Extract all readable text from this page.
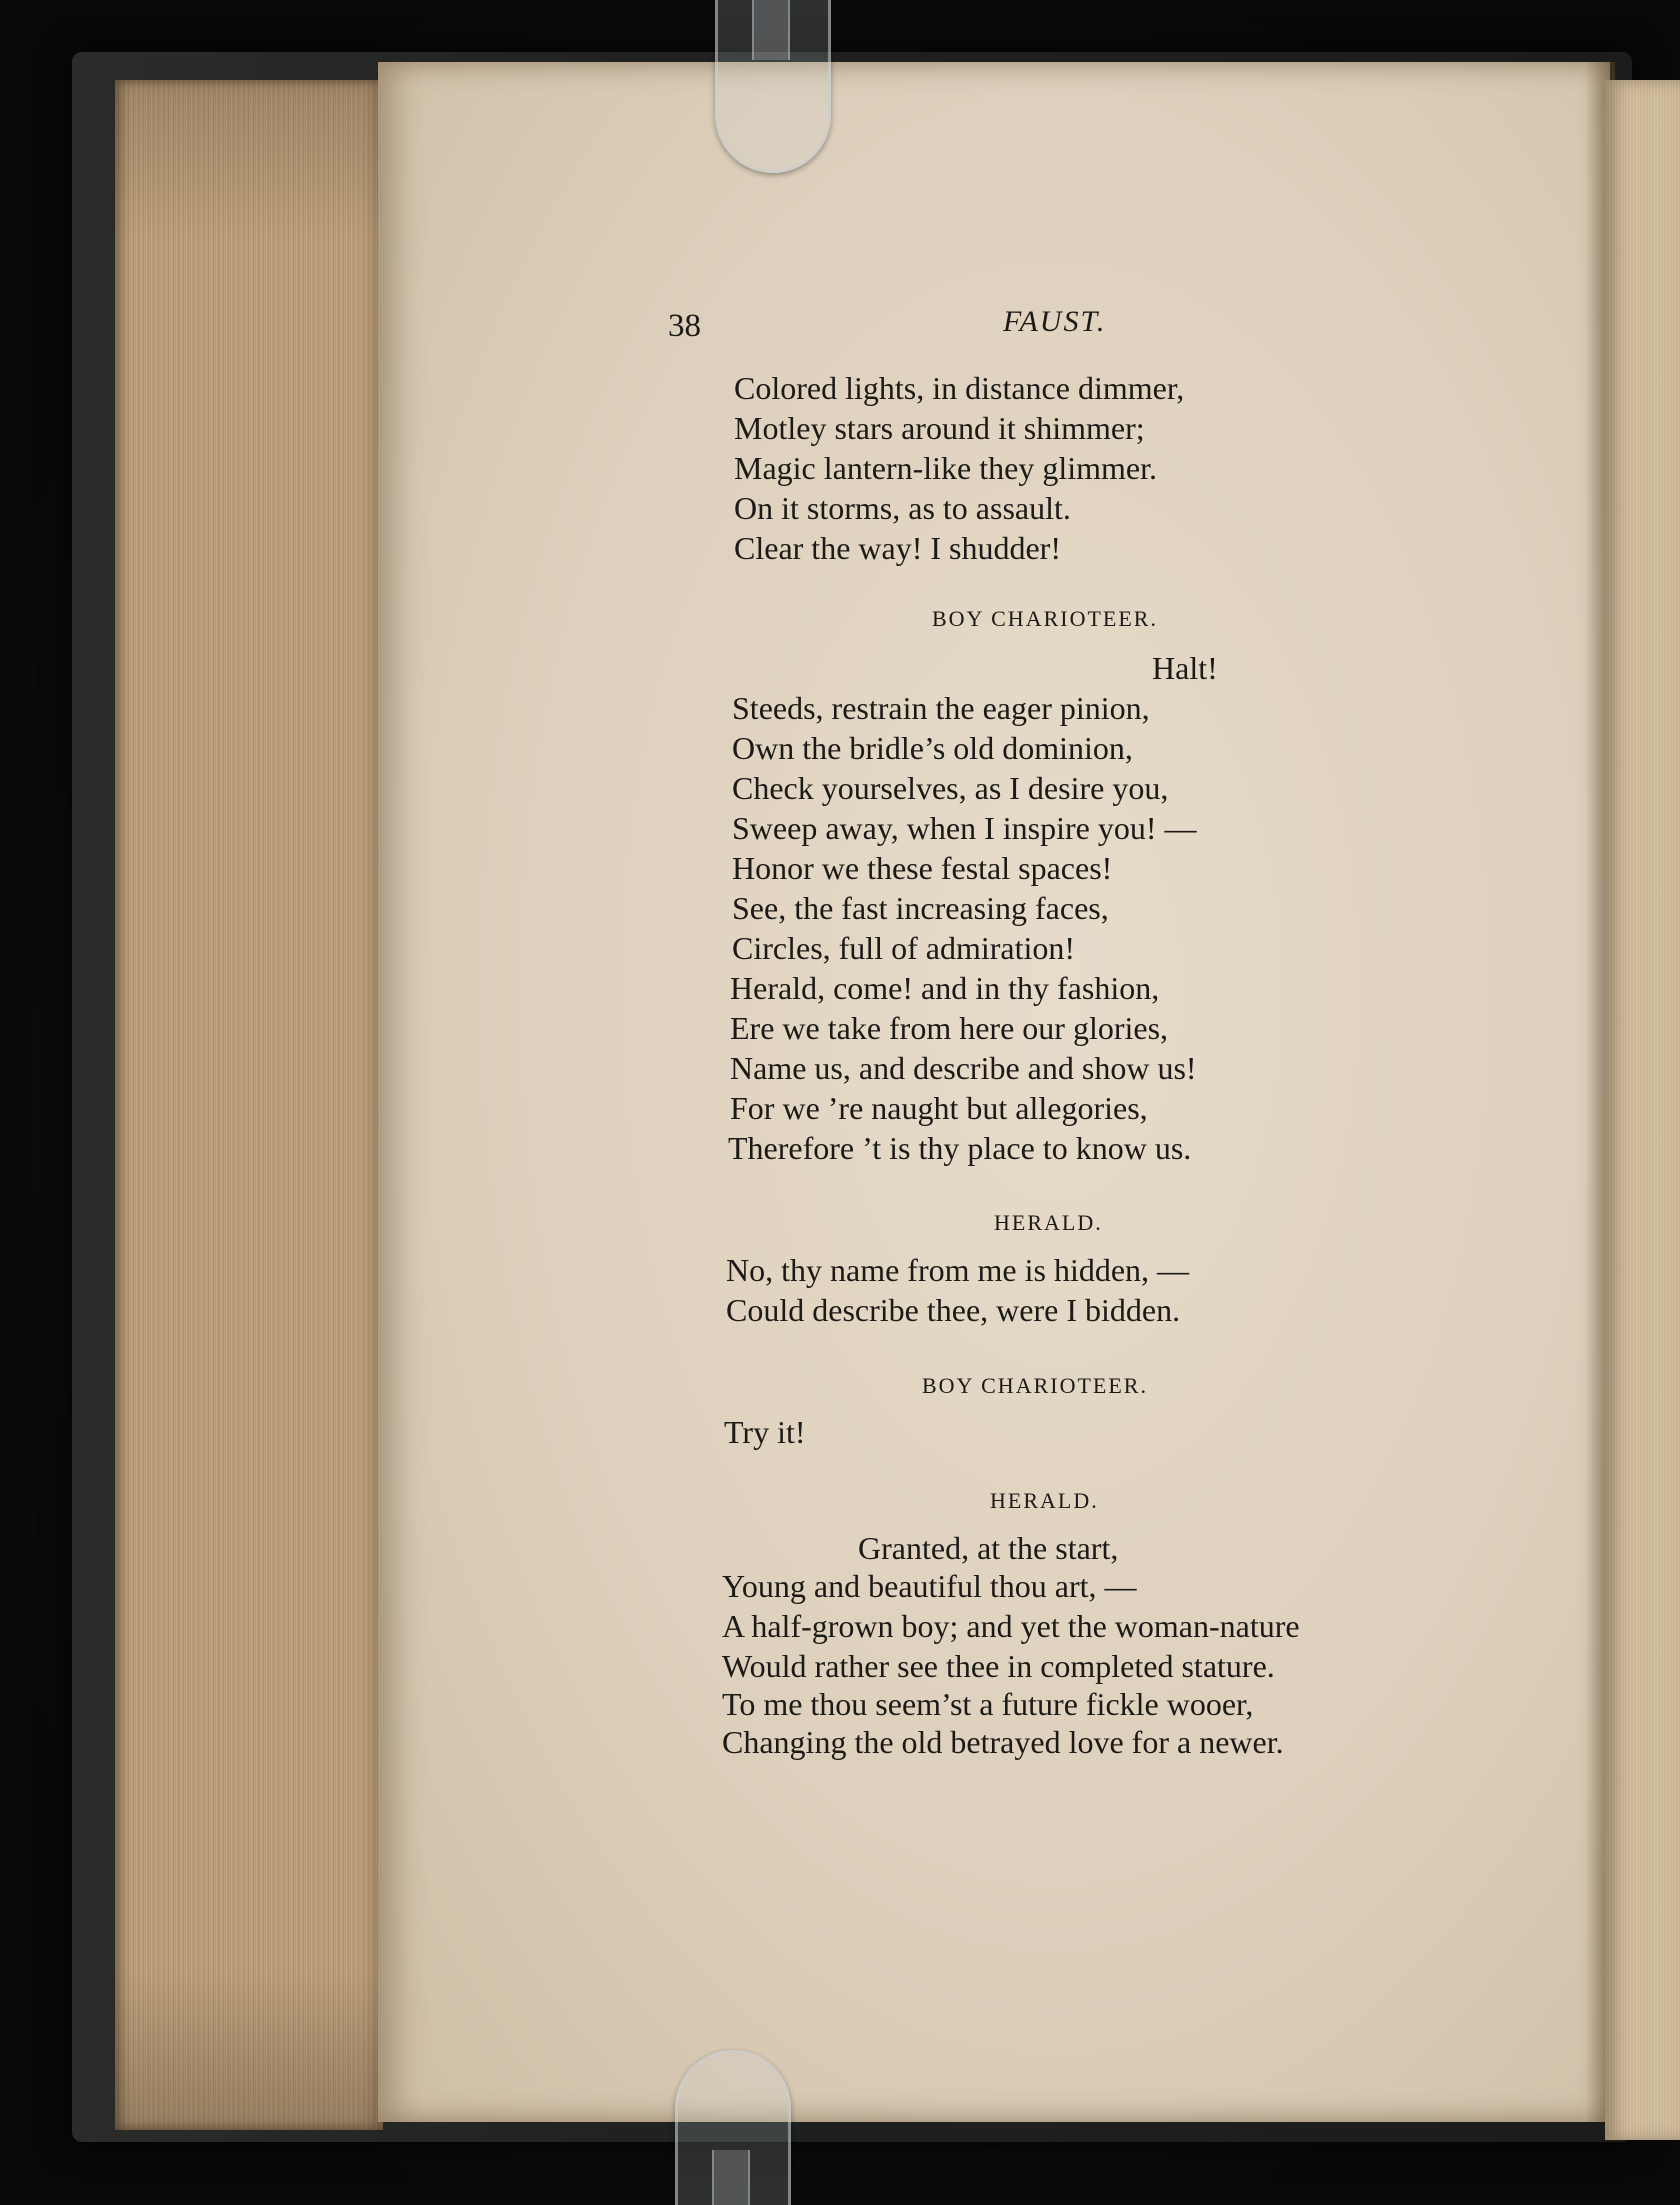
38	FAUST.

Colored lights, in distance dimmer,

Motley stars around it shimmer;

Magic lantern-like they glimmer.

On it storms, as to assault.

Clear the way! I shudder!

BOY CHARIOTEER.

Halt!

Steeds, restrain the eager pinion,

Own the bridle’s old dominion,

Check yourselves, as I desire you,

Sweep away, when I inspire you! —

Honor we these festal spaces!

See, the fast increasing faces,

Circles, full of admiration!

Herald, come! and in thy fashion,

Ere we take from here our glories,

Name us, and describe and show us!

For we ’re naught but allegories,

Therefore ’t is thy place to know us.

HERALD.

No, thy name from me is hidden, —

Could describe thee, were I bidden.

BOY CHARIOTEER.

Try it!

HERALD.

Granted, at the start,

Young and beautiful thou art, —

A half-grown boy; and yet the woman-nature

Would rather see thee in completed stature.

To me thou seem’st a future fickle wooer,

Changing the old betrayed love for a newer.
